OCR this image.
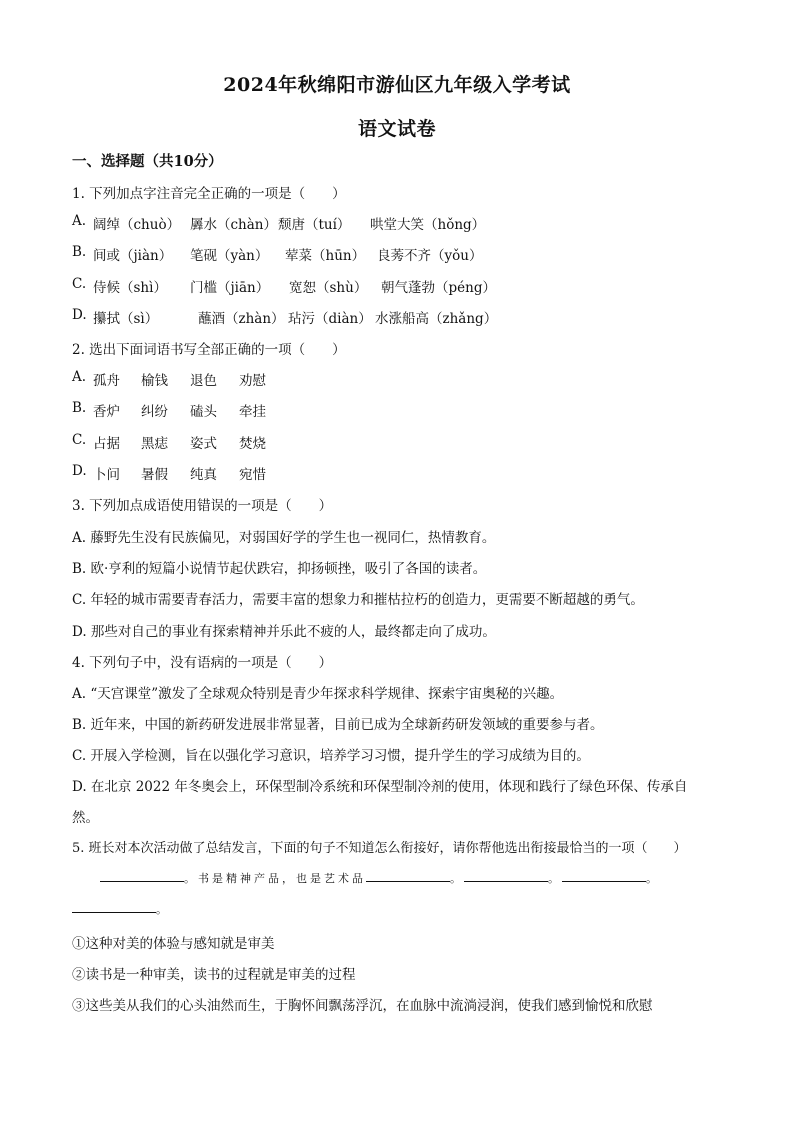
2024年秋绵阳市游仙区九年级入学考试
语文试卷
一、选择题（共10分）
1. 下列加点字注音完全正确的一项是（　　）
A. 阔绰（chuò） 羼水（chàn） 颓唐（tuí） 哄堂大笑（hǒng）
B. 间或（jiàn） 笔砚（yàn） 荤菜（hūn） 良莠不齐（yǒu）
C. 侍候（shì） 门槛（jiān） 宽恕（shù） 朝气蓬勃（péng）
D. 攥拭（sì）	蘸酒（zhàn） 玷污（diàn） 水涨船高（zhǎng）
2. 选出下面词语书写全部正确的一项（　　）
A. 孤舟 榆钱 退色 劝慰
B. 香炉 纠纷 磕头 牵挂
C. 占据 黑痣 姿式 焚烧
D. 卜问 暑假 纯真 宛惜
3. 下列加点成语使用错误的一项是（　　）
A. 藤野先生没有民族偏见，对弱国好学的学生也一视同仁，热情教育。
B. 欧·亨利的短篇小说情节起伏跌宕，抑扬顿挫，吸引了各国的读者。
C. 年轻的城市需要青春活力，需要丰富的想象力和摧枯拉朽的创造力，更需要不断超越的勇气。
D. 那些对自己的事业有探索精神并乐此不疲的人，最终都走向了成功。
4. 下列句子中，没有语病的一项是（　　）
A. “天宫课堂”激发了全球观众特别是青少年探求科学规律、探索宇宙奥秘的兴趣。
B. 近年来，中国的新药研发进展非常显著，目前已成为全球新药研发领域的重要参与者。
C. 开展入学检测，旨在以强化学习意识，培养学习习惯，提升学生的学习成绩为目的。
D. 在北京 2022 年冬奥会上，环保型制冷系统和环保型制冷剂的使用，体现和践行了绿色环保、传承自
然。
5. 班长对本次活动做了总结发言，下面的句子不知道怎么衔接好，请你帮他选出衔接最恰当的一项（　　）
。书是精神产品，也是艺术品	。	。	。
。
①这种对美的体验与感知就是审美
②读书是一种审美，读书的过程就是审美的过程
③这些美从我们的心头油然而生，于胸怀间飘荡浮沉，在血脉中流淌浸润，使我们感到愉悦和欣慰
